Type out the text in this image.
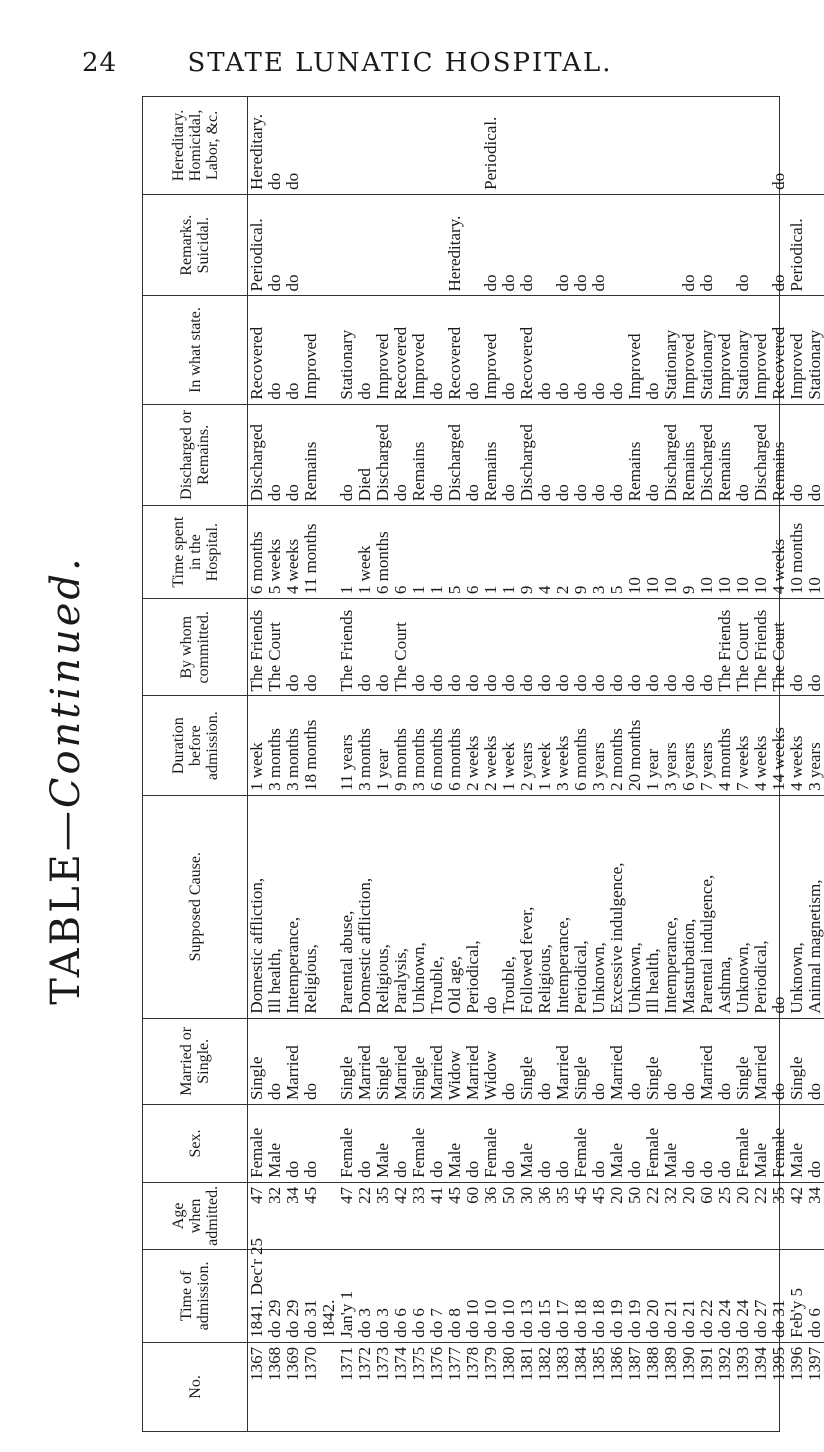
24	STATE LUNATIC HOSPITAL.
TABLE—Continued.
No.	Time of admission.	Age when admitted.	Sex.	Married or Single.	Supposed Cause.	Duration before admission.	By whom committed.	Time spent in the Hospital.	Discharged or Remains.	In what state.	Remarks. Suicidal.	Hereditary. Homicidal, Labor, &c.
1367	1841. Dec'r 25	47	Female	Single	Domestic affliction,	1 week	The Friends	6 months	Discharged	Recovered	Periodical.	Hereditary.
1368	do 29	32	Male	do	Ill health,	3 months	The Court	5 weeks	do	do	do	do
1369	do 29	34	do	Married	Intemperance,	3 months	do	4 weeks	do	do	do	do
1370	do 31	45	do	do	Religious,	18 months	do	11 months	Remains	Improved		
	1842.											
1371	Jan'y 1	47	Female	Single	Parental abuse,	11 years	The Friends	1	do	Stationary		
1372	do 3	22	do	Married	Domestic affliction,	3 months	do	1 week	Died	do		
1373	do 3	35	Male	Single	Religious,	1 year	do	6 months	Discharged	Improved		
1374	do 6	42	do	Married	Paralysis,	9 months	The Court	6	do	Recovered		
1375	do 6	33	Female	Single	Unknown,	3 months	do	1	Remains	Improved		
1376	do 7	41	do	Married	Trouble,	6 months	do	1	do	do		
1377	do 8	45	Male	Widow	Old age,	6 months	do	5	Discharged	Recovered	Hereditary.	
1378	do 10	60	do	Married	Periodical,	2 weeks	do	6	do	do		
1379	do 10	36	Female	Widow	do	2 weeks	do	1	Remains	Improved	do	Periodical.
1380	do 10	50	do	do	Trouble,	1 week	do	1	do	do	do	
1381	do 13	30	Male	Single	Followed fever,	2 years	do	9	Discharged	Recovered	do	
1382	do 15	36	do	do	Religious,	1 week	do	4	do	do		
1383	do 17	35	do	Married	Intemperance,	3 weeks	do	2	do	do	do	
1384	do 18	45	Female	Single	Periodical,	6 months	do	9	do	do	do	
1385	do 18	45	do	do	Unknown,	3 years	do	3	do	do	do	
1386	do 19	20	Male	Married	Excessive indulgence,	2 months	do	5	do	do		
1387	do 19	50	do	do	Unknown,	20 months	do	10	Remains	Improved		
1388	do 20	22	Female	Single	Ill health,	1 year	do	10	do	do		
1389	do 21	32	Male	do	Intemperance,	3 years	do	10	Discharged	Stationary		
1390	do 21	20	do	do	Masturbation,	6 years	do	9	Remains	Improved	do	
1391	do 22	60	do	Married	Parental indulgence,	7 years	do	10	Discharged	Stationary	do	
1392	do 24	25	do	do	Asthma,	4 months	The Friends	10	Remains	Improved		
1393	do 24	20	Female	Single	Unknown,	7 weeks	The Court	10	do	Stationary	do	
1394	do 27	22	Male	Married	Periodical,	4 weeks	The Friends	10	Discharged	Improved		
1395	do 31	35	Female	do	do	14 weeks	The Court	4 weeks	Remains	Recovered	do	do
1396	Feb'y 5	42	Male	Single	Unknown,	4 weeks	do	10 months	do	Improved	Periodical.	
1397	do 6	34	do	do	Animal magnetism,	3 years	do	10	do	Stationary		
